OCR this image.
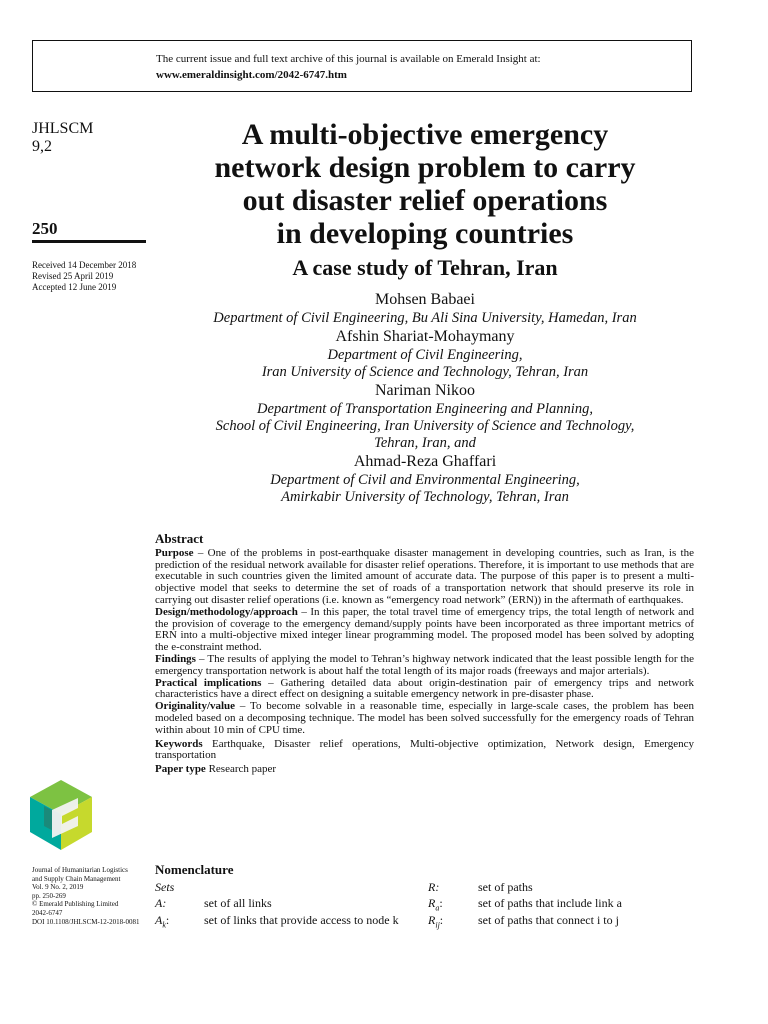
The current issue and full text archive of this journal is available on Emerald Insight at:
www.emeraldinsight.com/2042-6747.htm
JHLSCM
9,2
250
Received 14 December 2018
Revised 25 April 2019
Accepted 12 June 2019
A multi-objective emergency
network design problem to carry
out disaster relief operations
in developing countries
A case study of Tehran, Iran
Mohsen Babaei
Department of Civil Engineering, Bu Ali Sina University, Hamedan, Iran
Afshin Shariat-Mohaymany
Department of Civil Engineering,
Iran University of Science and Technology, Tehran, Iran
Nariman Nikoo
Department of Transportation Engineering and Planning,
School of Civil Engineering, Iran University of Science and Technology,
Tehran, Iran, and
Ahmad-Reza Ghaffari
Department of Civil and Environmental Engineering,
Amirkabir University of Technology, Tehran, Iran
Abstract

Purpose – One of the problems in post-earthquake disaster management in developing countries, such as Iran, is the prediction of the residual network available for disaster relief operations. Therefore, it is important to use methods that are executable in such countries given the limited amount of accurate data. The purpose of this paper is to present a multi-objective model that seeks to determine the set of roads of a transportation network that should preserve its role in carrying out disaster relief operations (i.e. known as “emergency road network” (ERN)) in the aftermath of earthquakes.

Design/methodology/approach – In this paper, the total travel time of emergency trips, the total length of network and the provision of coverage to the emergency demand/supply points have been incorporated as three important metrics of ERN into a multi-objective mixed integer linear programming model. The proposed model has been solved by adopting the e-constraint method.

Findings – The results of applying the model to Tehran’s highway network indicated that the least possible length for the emergency transportation network is about half the total length of its major roads (freeways and major arterials).

Practical implications – Gathering detailed data about origin-destination pair of emergency trips and network characteristics have a direct effect on designing a suitable emergency network in pre-disaster phase.

Originality/value – To become solvable in a reasonable time, especially in large-scale cases, the problem has been modeled based on a decomposing technique. The model has been solved successfully for the emergency roads of Tehran within about 10 min of CPU time.

Keywords Earthquake, Disaster relief operations, Multi-objective optimization, Network design, Emergency transportation

Paper type Research paper

Journal of Humanitarian Logistics
and Supply Chain Management
Vol. 9 No. 2, 2019
pp. 250-269
© Emerald Publishing Limited
2042-6747
DOI 10.1108/JHLSCM-12-2018-0081
Nomenclature
Sets
A:	set of all links
$A_k$:	set of links that provide access to node k
R:	set of paths
$R_a$:	set of paths that include link a
$R_{ij}$:	set of paths that connect i to j
